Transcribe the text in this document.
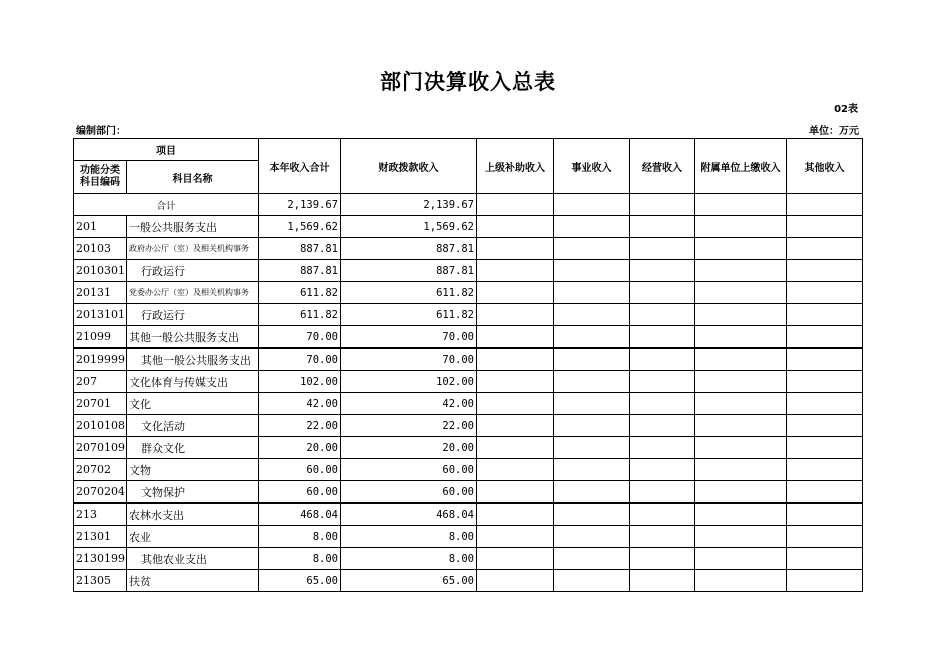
部门决算收入总表
02表
编制部门：	单位：万元
项目		本年收入合计	财政拨款收入	上级补助收入	事业收入	经营收入	附属单位上缴收入	其他收入
功能分类
科目编码	科目名称							
合计		2,139.67	2,139.67					
201	一般公共服务支出	1,569.62	1,569.62					
20103	政府办公厅（室）及相关机构事务	887.81	887.81					
2010301	行政运行	887.81	887.81					
20131	党委办公厅（室）及相关机构事务	611.82	611.82					
2013101	行政运行	611.82	611.82					
21099	其他一般公共服务支出	70.00	70.00					
2019999	其他一般公共服务支出	70.00	70.00					
207	文化体育与传媒支出	102.00	102.00					
20701	文化	42.00	42.00					
2010108	文化活动	22.00	22.00					
2070109	群众文化	20.00	20.00					
20702	文物	60.00	60.00					
2070204	文物保护	60.00	60.00					
213	农林水支出	468.04	468.04					
21301	农业	8.00	8.00					
2130199	其他农业支出	8.00	8.00					
21305	扶贫	65.00	65.00					
